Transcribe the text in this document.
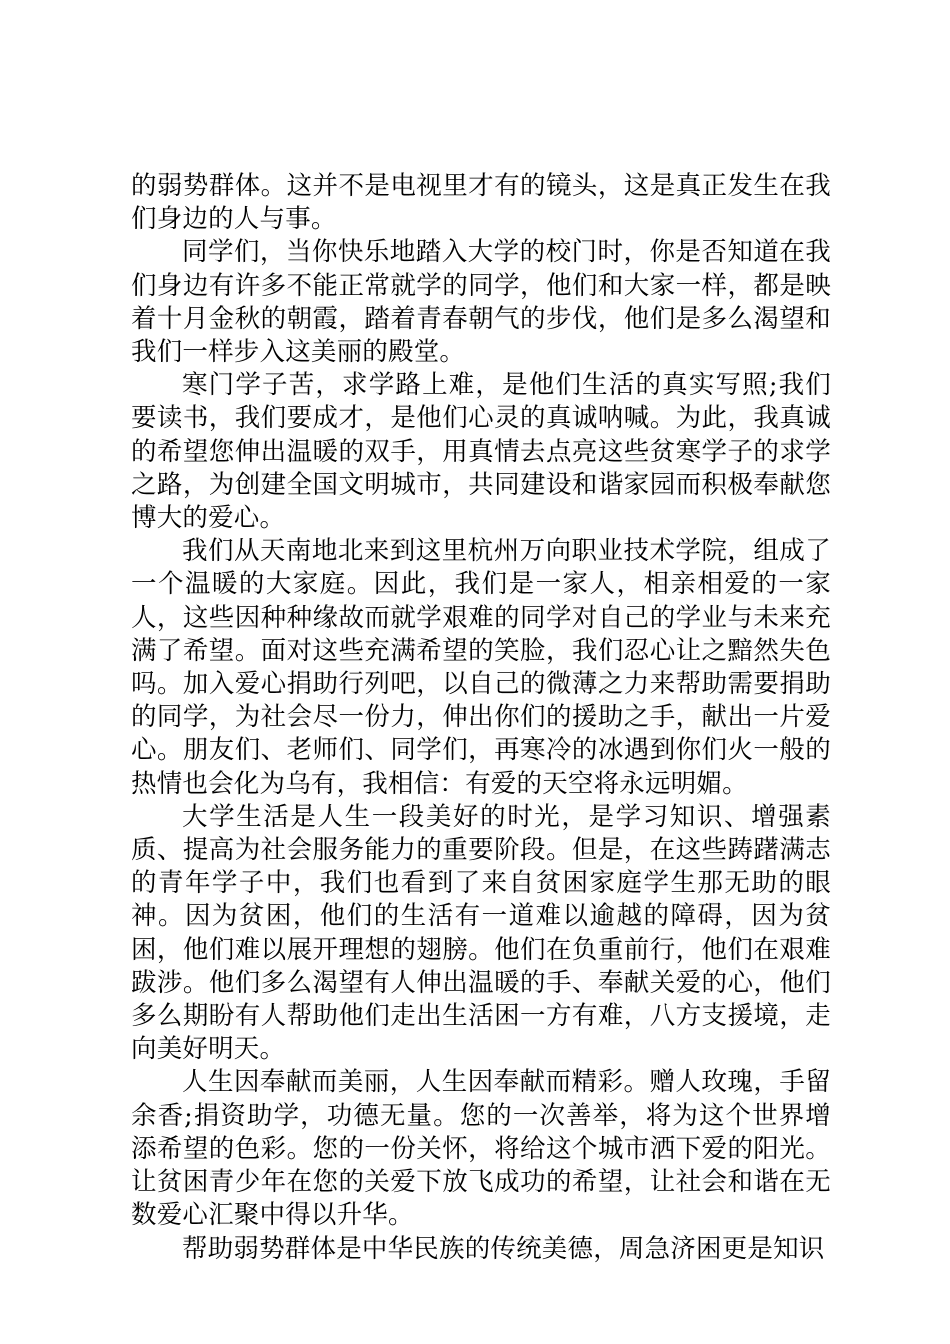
的弱势群体。这并不是电视里才有的镜头，这是真正发生在我们身边的人与事。

同学们，当你快乐地踏入大学的校门时，你是否知道在我们身边有许多不能正常就学的同学，他们和大家一样，都是映着十月金秋的朝霞，踏着青春朝气的步伐，他们是多么渴望和我们一样步入这美丽的殿堂。

寒门学子苦，求学路上难，是他们生活的真实写照;我们要读书，我们要成才，是他们心灵的真诚呐喊。为此，我真诚的希望您伸出温暖的双手，用真情去点亮这些贫寒学子的求学之路，为创建全国文明城市，共同建设和谐家园而积极奉献您博大的爱心。

我们从天南地北来到这里杭州万向职业技术学院，组成了一个温暖的大家庭。因此，我们是一家人，相亲相爱的一家人，这些因种种缘故而就学艰难的同学对自己的学业与未来充满了希望。面对这些充满希望的笑脸，我们忍心让之黯然失色吗。加入爱心捐助行列吧，以自己的微薄之力来帮助需要捐助的同学，为社会尽一份力，伸出你们的援助之手，献出一片爱心。朋友们、老师们、同学们，再寒冷的冰遇到你们火一般的热情也会化为乌有，我相信：有爱的天空将永远明媚。

大学生活是人生一段美好的时光，是学习知识、增强素质、提高为社会服务能力的重要阶段。但是，在这些踌躇满志的青年学子中，我们也看到了来自贫困家庭学生那无助的眼神。因为贫困，他们的生活有一道难以逾越的障碍，因为贫困，他们难以展开理想的翅膀。他们在负重前行，他们在艰难跋涉。他们多么渴望有人伸出温暖的手、奉献关爱的心，他们多么期盼有人帮助他们走出生活困一方有难，八方支援境，走向美好明天。

人生因奉献而美丽，人生因奉献而精彩。赠人玫瑰，手留余香;捐资助学，功德无量。您的一次善举，将为这个世界增添希望的色彩。您的一份关怀，将给这个城市洒下爱的阳光。让贫困青少年在您的关爱下放飞成功的希望，让社会和谐在无数爱心汇聚中得以升华。

帮助弱势群体是中华民族的传统美德，周急济困更是知识
